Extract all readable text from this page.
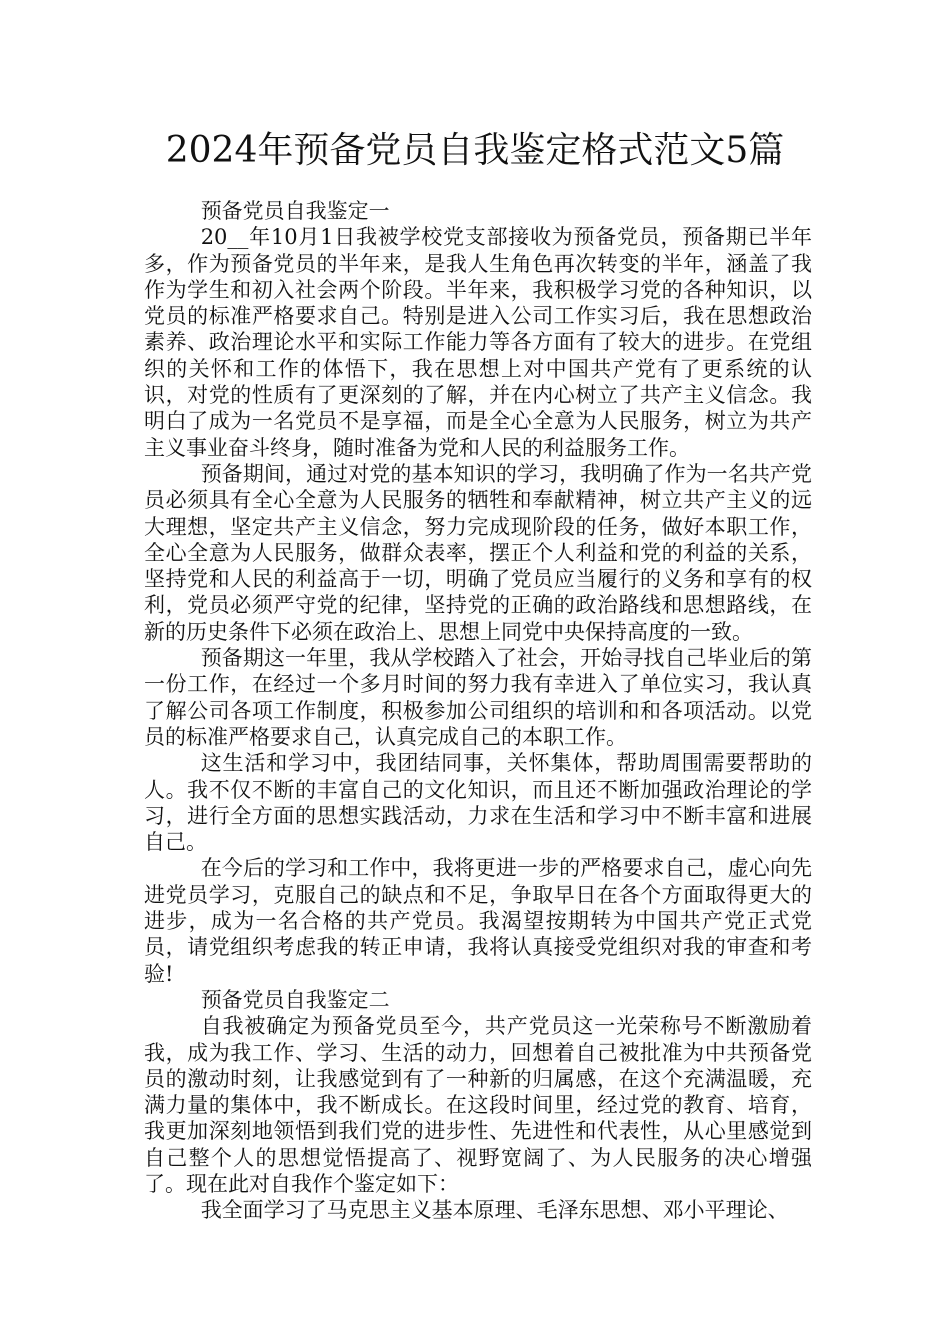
2024年预备党员自我鉴定格式范文5篇

预备党员自我鉴定一

20__年10月1日我被学校党支部接收为预备党员，预备期已半年多，作为预备党员的半年来，是我人生角色再次转变的半年，涵盖了我作为学生和初入社会两个阶段。半年来，我积极学习党的各种知识，以党员的标准严格要求自己。特别是进入公司工作实习后，我在思想政治素养、政治理论水平和实际工作能力等各方面有了较大的进步。在党组织的关怀和工作的体悟下，我在思想上对中国共产党有了更系统的认识，对党的性质有了更深刻的了解，并在内心树立了共产主义信念。我明白了成为一名党员不是享福，而是全心全意为人民服务，树立为共产主义事业奋斗终身，随时准备为党和人民的利益服务工作。

预备期间，通过对党的基本知识的学习，我明确了作为一名共产党员必须具有全心全意为人民服务的牺牲和奉献精神，树立共产主义的远大理想，坚定共产主义信念，努力完成现阶段的任务，做好本职工作，全心全意为人民服务，做群众表率，摆正个人利益和党的利益的关系，坚持党和人民的利益高于一切，明确了党员应当履行的义务和享有的权利，党员必须严守党的纪律，坚持党的正确的政治路线和思想路线，在新的历史条件下必须在政治上、思想上同党中央保持高度的一致。

预备期这一年里，我从学校踏入了社会，开始寻找自己毕业后的第一份工作，在经过一个多月时间的努力我有幸进入了单位实习，我认真了解公司各项工作制度，积极参加公司组织的培训和和各项活动。以党员的标准严格要求自己，认真完成自己的本职工作。

这生活和学习中，我团结同事，关怀集体，帮助周围需要帮助的人。我不仅不断的丰富自己的文化知识，而且还不断加强政治理论的学习，进行全方面的思想实践活动，力求在生活和学习中不断丰富和进展自己。

在今后的学习和工作中，我将更进一步的严格要求自己，虚心向先进党员学习，克服自己的缺点和不足，争取早日在各个方面取得更大的进步，成为一名合格的共产党员。我渴望按期转为中国共产党正式党员，请党组织考虑我的转正申请，我将认真接受党组织对我的审查和考验!

预备党员自我鉴定二

自我被确定为预备党员至今，共产党员这一光荣称号不断激励着我，成为我工作、学习、生活的动力，回想着自己被批准为中共预备党员的激动时刻，让我感觉到有了一种新的归属感，在这个充满温暖，充满力量的集体中，我不断成长。在这段时间里，经过党的教育、培育，我更加深刻地领悟到我们党的进步性、先进性和代表性，从心里感觉到自己整个人的思想觉悟提高了、视野宽阔了、为人民服务的决心增强了。现在此对自我作个鉴定如下：

我全面学习了马克思主义基本原理、毛泽东思想、邓小平理论、
